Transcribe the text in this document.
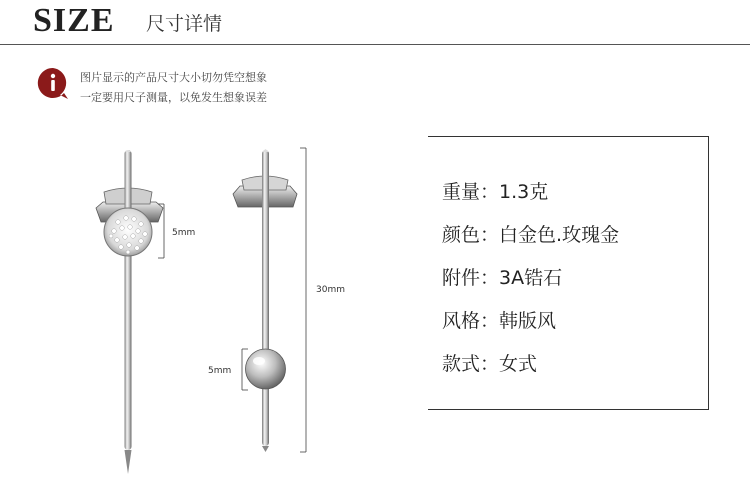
SIZE 尺寸详情
图片显示的产品尺寸大小切勿凭空想象
一定要用尺子测量，以免发生想象误差
5mm
5mm
30mm
重量：1.3克
颜色：白金色.玫瑰金
附件：3A锆石
风格：韩版风
款式：女式
